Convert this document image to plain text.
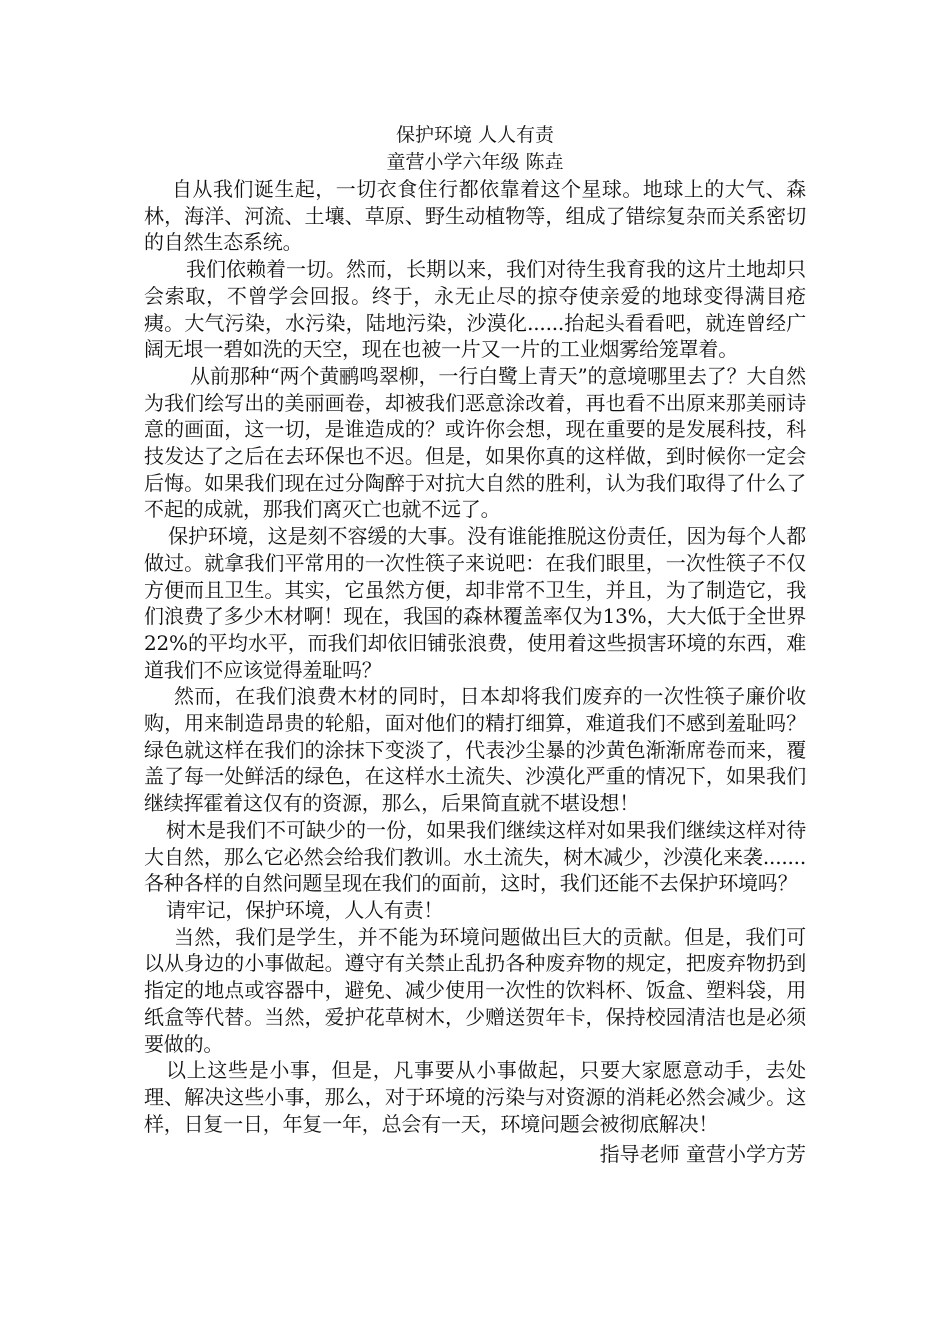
保护环境 人人有责

童营小学六年级 陈垚

自从我们诞生起，一切衣食住行都依靠着这个星球。地球上的大气、森林，海洋、河流、土壤、草原、野生动植物等，组成了错综复杂而关系密切的自然生态系统。

我们依赖着一切。然而，长期以来，我们对待生我育我的这片土地却只会索取，不曾学会回报。终于，永无止尽的掠夺使亲爱的地球变得满目疮痍。大气污染，水污染，陆地污染，沙漠化......抬起头看看吧，就连曾经广阔无垠一碧如洗的天空，现在也被一片又一片的工业烟雾给笼罩着。

从前那种“两个黄鹂鸣翠柳，一行白鹭上青天”的意境哪里去了？大自然为我们绘写出的美丽画卷，却被我们恶意涂改着，再也看不出原来那美丽诗意的画面，这一切，是谁造成的？或许你会想，现在重要的是发展科技，科技发达了之后在去环保也不迟。但是，如果你真的这样做，到时候你一定会后悔。如果我们现在过分陶醉于对抗大自然的胜利，认为我们取得了什么了不起的成就，那我们离灭亡也就不远了。

保护环境，这是刻不容缓的大事。没有谁能推脱这份责任，因为每个人都做过。就拿我们平常用的一次性筷子来说吧：在我们眼里，一次性筷子不仅方便而且卫生。其实，它虽然方便，却非常不卫生，并且，为了制造它，我们浪费了多少木材啊！现在，我国的森林覆盖率仅为13%，大大低于全世界22%的平均水平，而我们却依旧铺张浪费，使用着这些损害环境的东西，难道我们不应该觉得羞耻吗？

然而，在我们浪费木材的同时，日本却将我们废弃的一次性筷子廉价收购，用来制造昂贵的轮船，面对他们的精打细算，难道我们不感到羞耻吗？绿色就这样在我们的涂抹下变淡了，代表沙尘暴的沙黄色渐渐席卷而来，覆盖了每一处鲜活的绿色，在这样水土流失、沙漠化严重的情况下，如果我们继续挥霍着这仅有的资源，那么，后果简直就不堪设想！

树木是我们不可缺少的一份，如果我们继续这样对如果我们继续这样对待大自然，那么它必然会给我们教训。水土流失，树木减少，沙漠化来袭.......各种各样的自然问题呈现在我们的面前，这时，我们还能不去保护环境吗？

请牢记，保护环境，人人有责！

当然，我们是学生，并不能为环境问题做出巨大的贡献。但是，我们可以从身边的小事做起。遵守有关禁止乱扔各种废弃物的规定，把废弃物扔到指定的地点或容器中，避免、减少使用一次性的饮料杯、饭盒、塑料袋，用纸盒等代替。当然，爱护花草树木，少赠送贺年卡，保持校园清洁也是必须要做的。

以上这些是小事，但是，凡事要从小事做起，只要大家愿意动手，去处理、解决这些小事，那么，对于环境的污染与对资源的消耗必然会减少。这样，日复一日，年复一年，总会有一天，环境问题会被彻底解决！

指导老师 童营小学方芳
